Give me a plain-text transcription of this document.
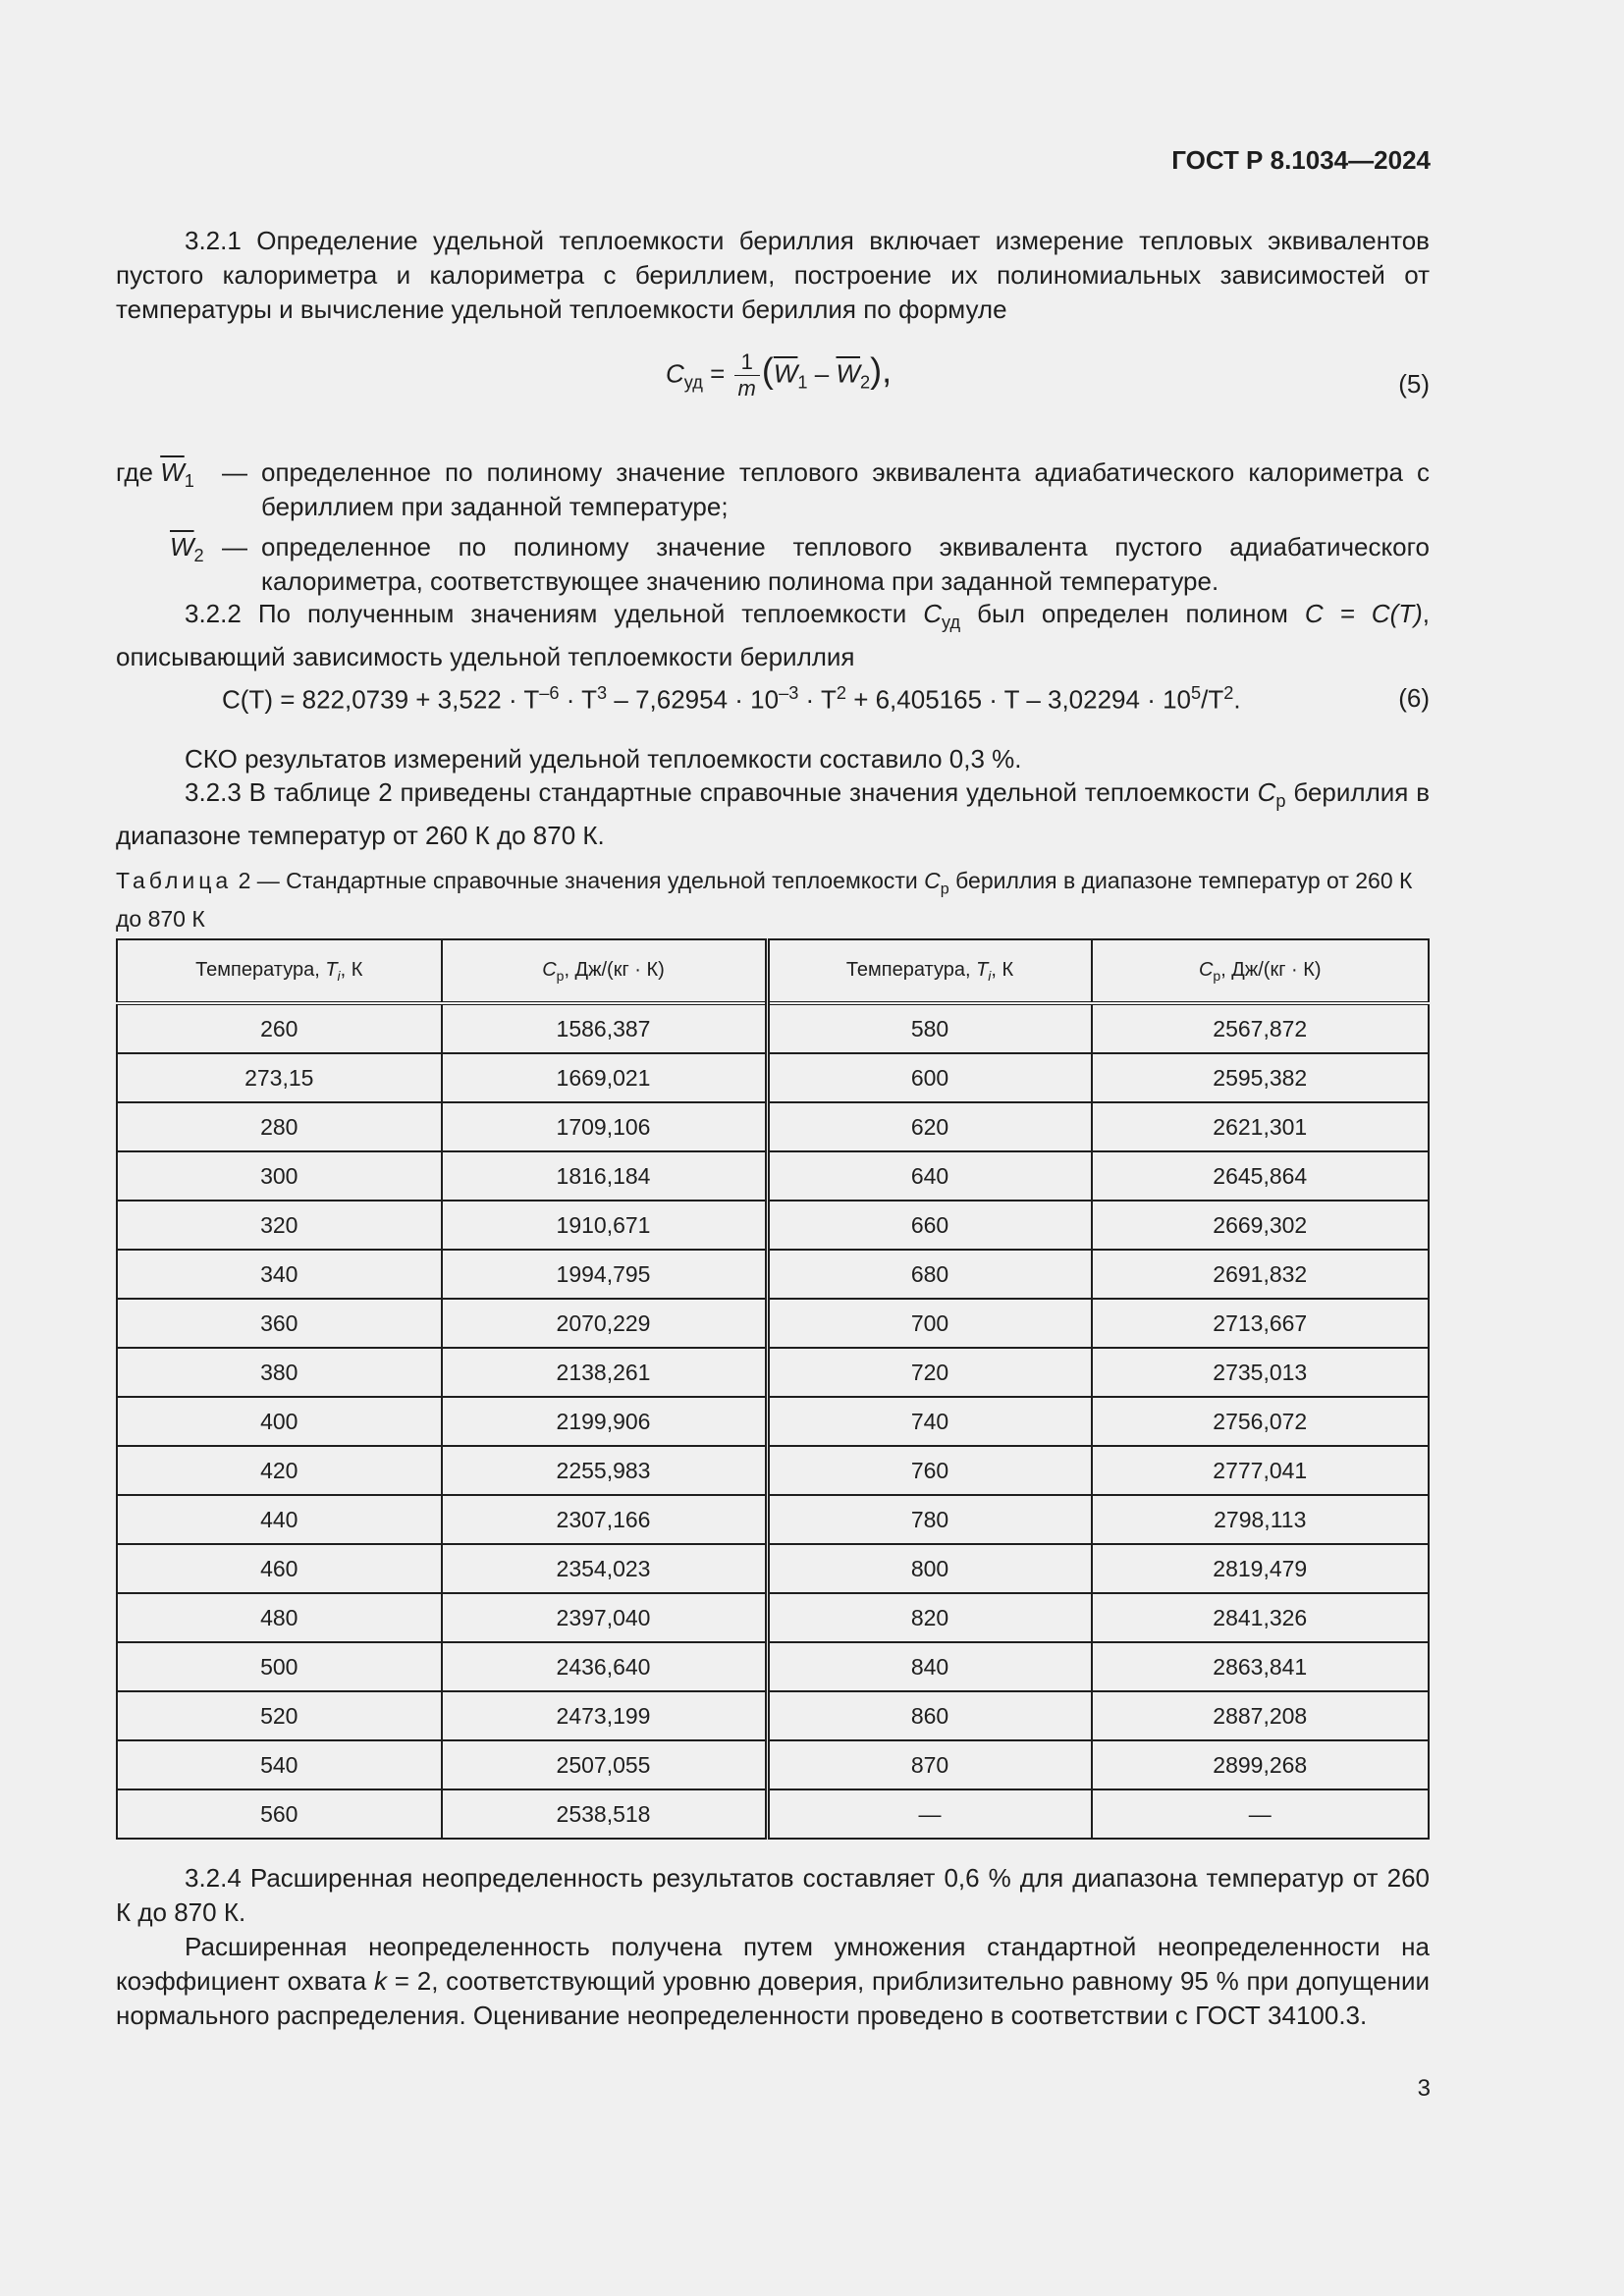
ГОСТ Р 8.1034—2024
3.2.1 Определение удельной теплоемкости бериллия включает измерение тепловых эквивалентов пустого калориметра и калориметра с бериллием, построение их полиномиальных зависимостей от температуры и вычисление удельной теплоемкости бериллия по формуле
$C_{уд} = \frac{1}{m} (\overline{W}_1 - \overline{W}_2)$,	(5)
где $\overline{W}_1$ — определенное по полиному значение теплового эквивалента адиабатического калориметра с бериллием при заданной температуре;
$\overline{W}_2$ — определенное по полиному значение теплового эквивалента пустого адиабатического калориметра, соответствующее значению полинома при заданной температуре.
3.2.2 По полученным значениям удельной теплоемкости $C_{уд}$ был определен полином C = C(T), описывающий зависимость удельной теплоемкости бериллия
$C(T) = 822,0739 + 3,522 \cdot T^{-6} \cdot T^3 - 7,62954 \cdot 10^{-3} \cdot T^2 + 6,405165 \cdot T - 3,02294 \cdot 10^5/T^2$.	(6)
СКО результатов измерений удельной теплоемкости составило 0,3 %.
3.2.3 В таблице 2 приведены стандартные справочные значения удельной теплоемкости $C_p$ бериллия в диапазоне температур от 260 К до 870 К.
Таблица 2 — Стандартные справочные значения удельной теплоемкости $C_p$ бериллия в диапазоне температур от 260 К до 870 К
Температура, $T_i$, К	$C_p$, Дж/(кг · К)	Температура, $T_i$, К	$C_p$, Дж/(кг · К)
260	1586,387	580	2567,872
273,15	1669,021	600	2595,382
280	1709,106	620	2621,301
300	1816,184	640	2645,864
320	1910,671	660	2669,302
340	1994,795	680	2691,832
360	2070,229	700	2713,667
380	2138,261	720	2735,013
400	2199,906	740	2756,072
420	2255,983	760	2777,041
440	2307,166	780	2798,113
460	2354,023	800	2819,479
480	2397,040	820	2841,326
500	2436,640	840	2863,841
520	2473,199	860	2887,208
540	2507,055	870	2899,268
560	2538,518	—	—
3.2.4 Расширенная неопределенность результатов составляет 0,6 % для диапазона температур от 260 К до 870 К.
Расширенная неопределенность получена путем умножения стандартной неопределенности на коэффициент охвата k = 2, соответствующий уровню доверия, приблизительно равному 95 % при допущении нормального распределения. Оценивание неопределенности проведено в соответствии с ГОСТ 34100.3.
3
